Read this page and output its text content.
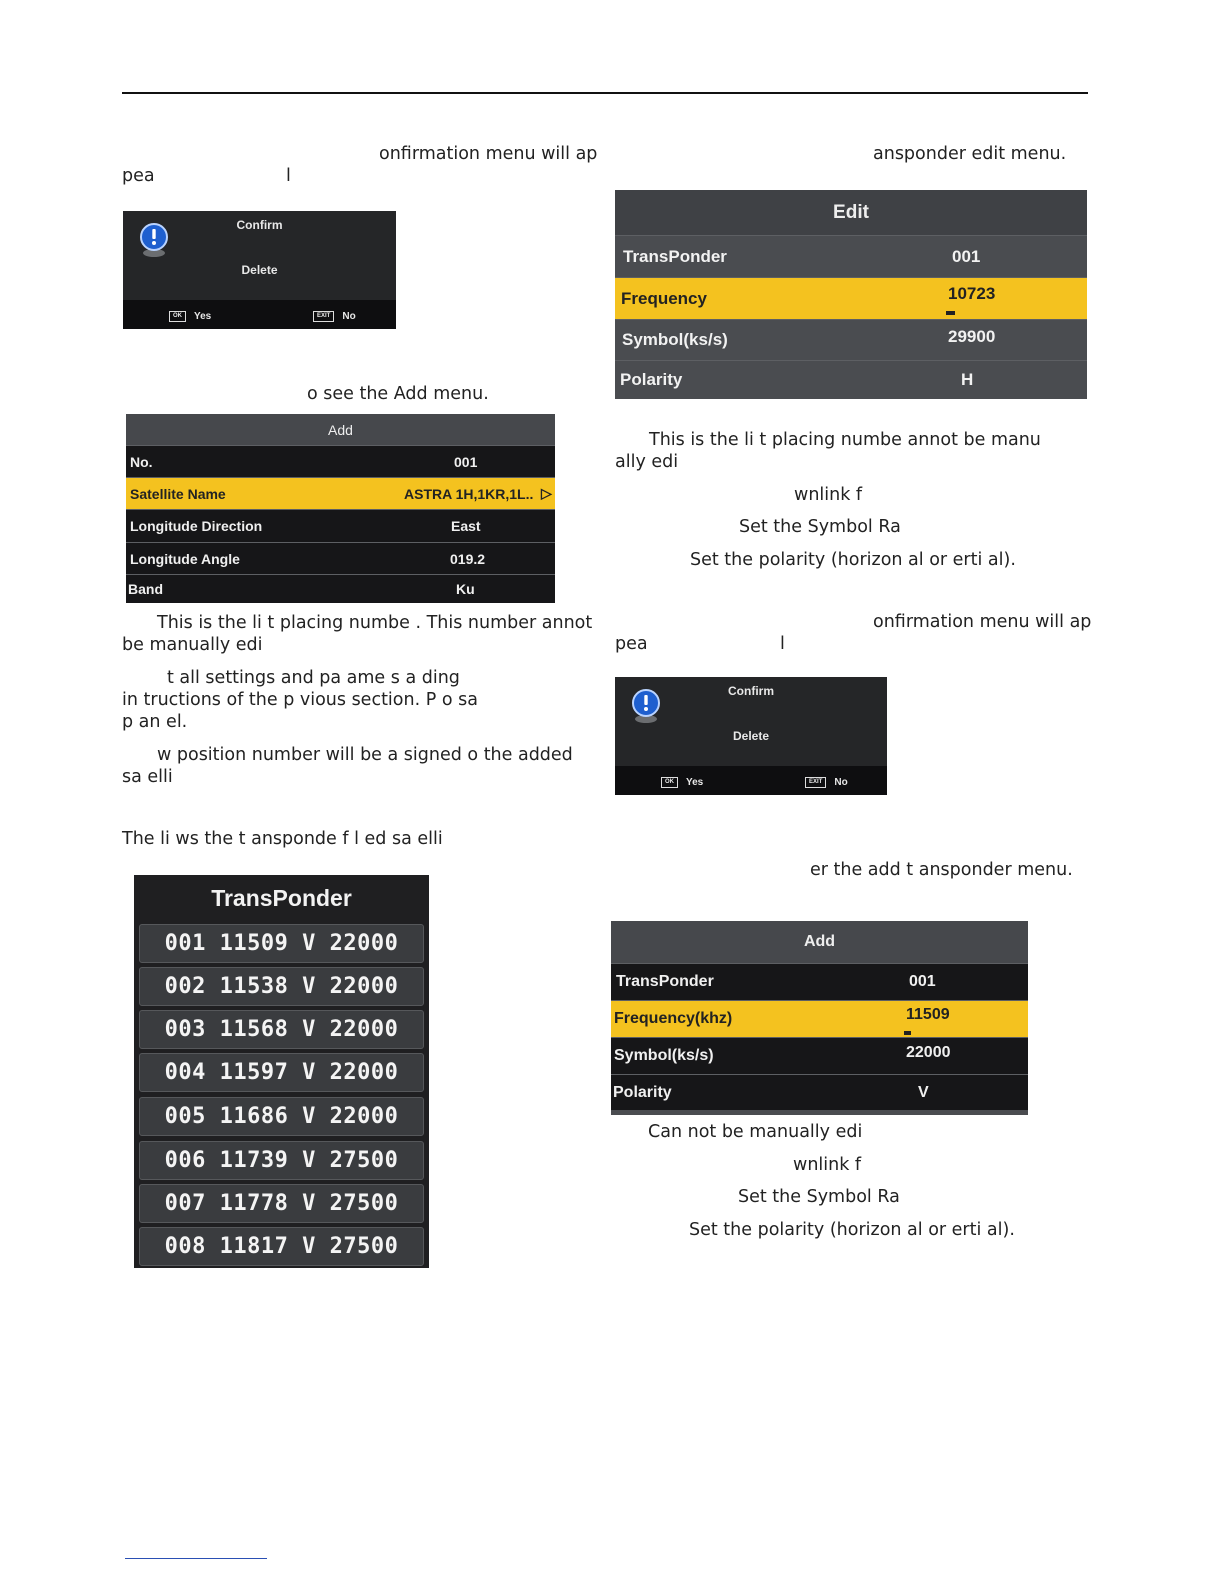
onfirmation menu will ap
pea	l
Confirm
Delete
OK	Yes	EXIT	No
o see the Add menu.
Add
No.	001
Satellite Name	ASTRA 1H,1KR,1L.. ▷
Longitude Direction	East
Longitude Angle	019.2
Band	Ku
This is the li t placing numbe . This number annot
be manually edi
t all settings and pa ame s a ding
in tructions of the p vious section. P o sa
p an el.
w position number will be a signed o the added
sa elli
The li ws the t ansponde f l ed sa elli
TransPonder
001 11509 V 22000
002 11538 V 22000
003 11568 V 22000
004 11597 V 22000
005 11686 V 22000
006 11739 V 27500
007 11778 V 27500
008 11817 V 27500
ansponder edit menu.
Edit
TransPonder	001
Frequency	10723
Symbol(ks/s)	29900
Polarity	H
This is the li t placing numbe annot be manu
ally edi
wnlink f
Set the Symbol Ra
Set the polarity (horizon al or erti al).
onfirmation menu will ap
pea	l
Confirm
Delete
OK	Yes	EXIT	No
er the add t ansponder menu.
Add
TransPonder	001
Frequency(khz)	11509
Symbol(ks/s)	22000
Polarity	V
Can not be manually edi
wnlink f
Set the Symbol Ra
Set the polarity (horizon al or erti al).
